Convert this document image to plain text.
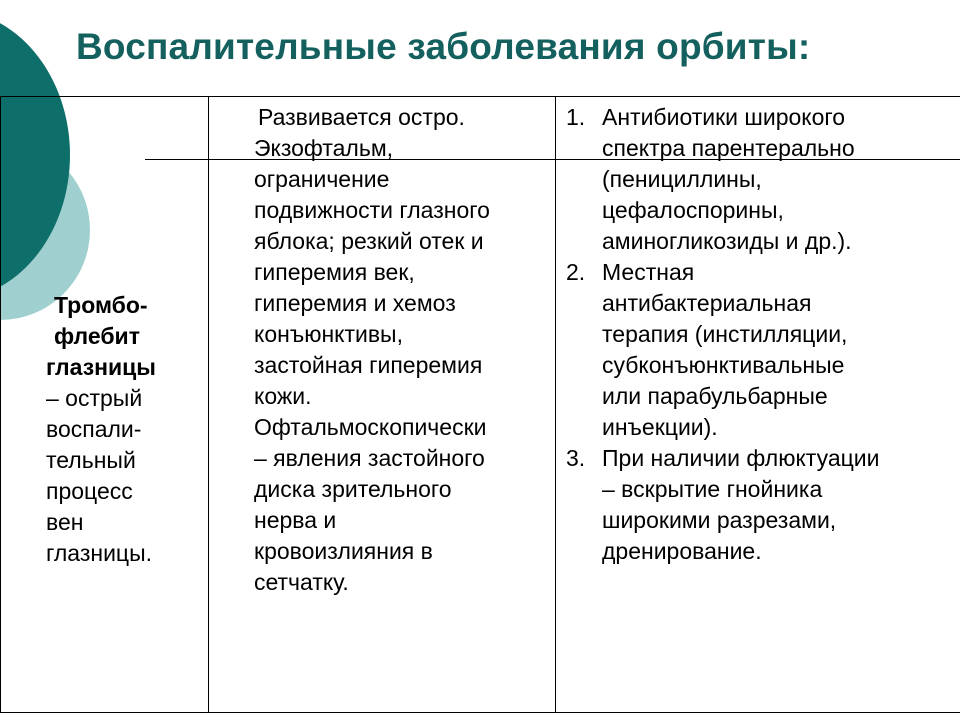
Воспалительные заболевания орбиты:
Тромбо-
флебит
глазницы
– острый
воспали-
тельный
процесс
вен
глазницы.
Развивается остро.
Экзофтальм,
ограничение
подвижности глазного
яблока; резкий отек и
гиперемия век,
гиперемия и хемоз
конъюнктивы,
застойная гиперемия
кожи.
Офтальмоскопически
– явления застойного
диска зрительного
нерва и
кровоизлияния в
сетчатку.
1. Антибиотики широкого
спектра парентерально
(пенициллины,
цефалоспорины,
аминогликозиды и др.).
2. Местная
антибактериальная
терапия (инстилляции,
субконъюнктивальные
или парабульбарные
инъекции).
3. При наличии флюктуации
– вскрытие гнойника
широкими разрезами,
дренирование.
